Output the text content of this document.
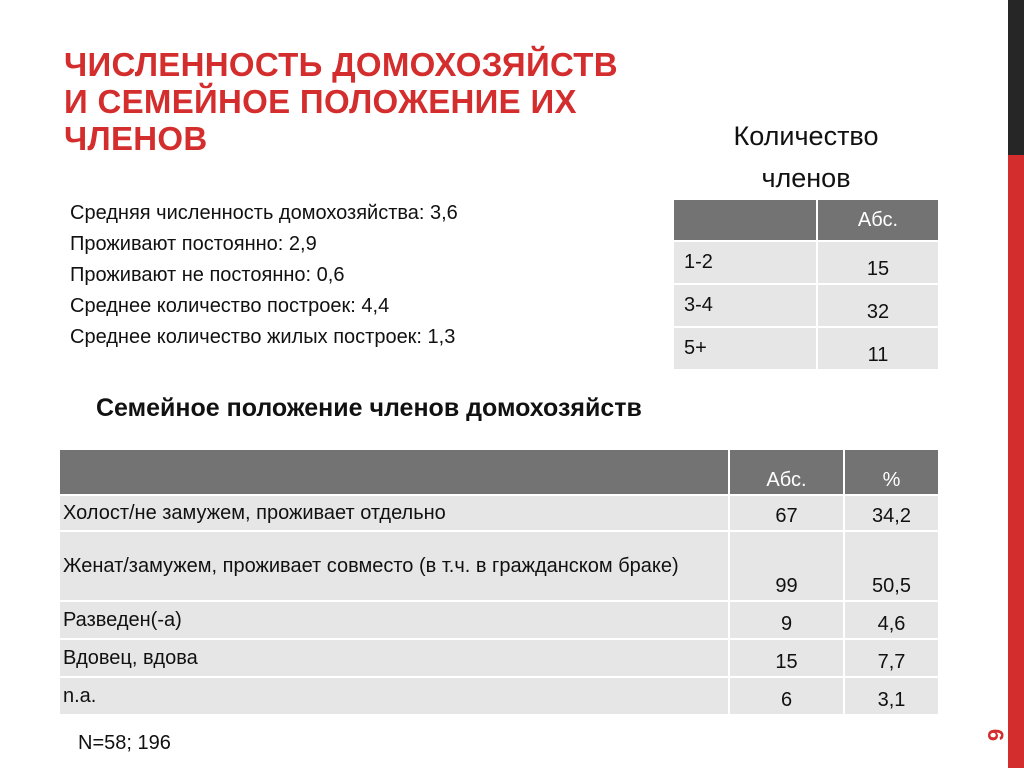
6
ЧИСЛЕННОСТЬ ДОМОХОЗЯЙСТВ
И СЕМЕЙНОЕ ПОЛОЖЕНИЕ ИХ
ЧЛЕНОВ
Средняя численность домохозяйства: 3,6
Проживают постоянно: 2,9
Проживают не постоянно: 0,6
Среднее количество построек: 4,4
Среднее количество жилых построек: 1,3
Количество
членов
	Абс.
1-2	15
3-4	32
5+	11
Семейное положение членов домохозяйств
	Абс.	%
Холост/не замужем, проживает отдельно	67	34,2
Женат/замужем, проживает совместо (в т.ч. в гражданском браке)	99	50,5
Разведен(-а)	9	4,6
Вдовец, вдова	15	7,7
n.a.	6	3,1
N=58; 196
